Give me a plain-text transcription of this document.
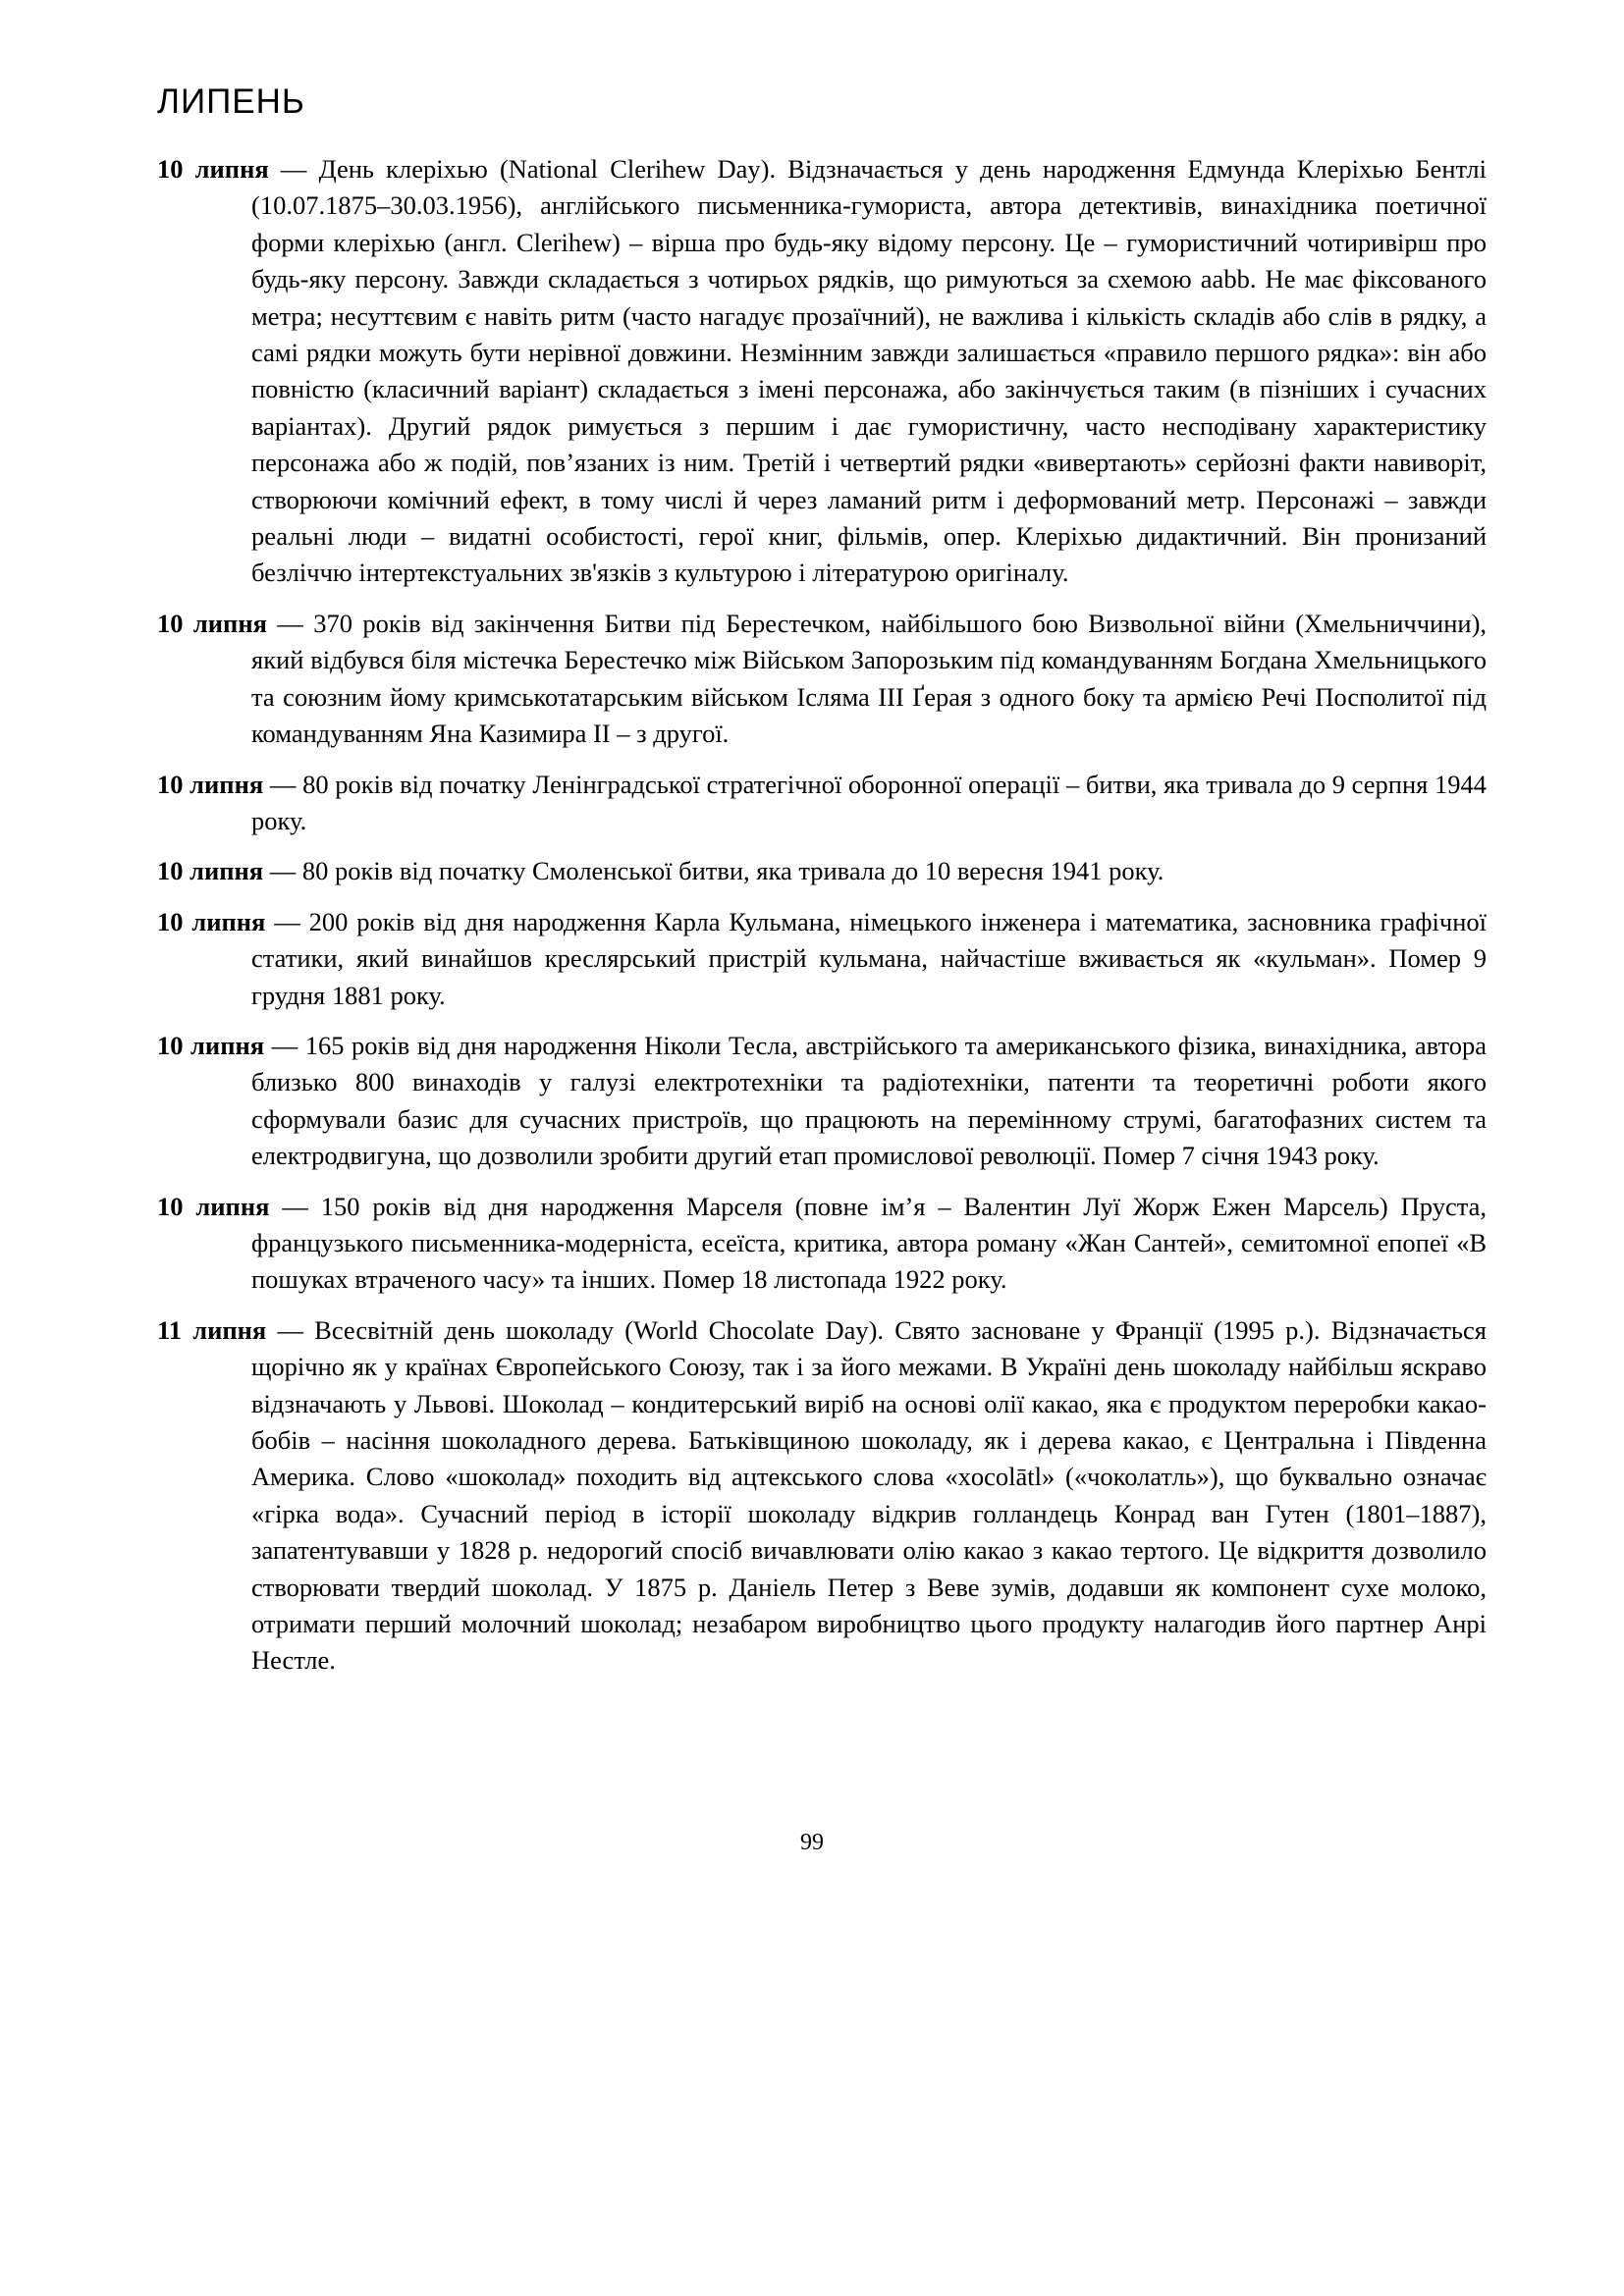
ЛИПЕНЬ

10 липня — День клеріхью (National Clerihew Day). Відзначається у день народження Едмунда Клеріхью Бентлі (10.07.1875–30.03.1956), англійського письменника-гумориста, автора детективів, винахідника поетичної форми клеріхью (англ. Clerihew) – вірша про будь-яку відому персону. Це – гумористичний чотиривірш про будь-яку персону. Завжди складається з чотирьох рядків, що римуються за схемою aabb. Не має фіксованого метра; несуттєвим є навіть ритм (часто нагадує прозаїчний), не важлива і кількість складів або слів в рядку, а самі рядки можуть бути нерівної довжини. Незмінним завжди залишається «правило першого рядка»: він або повністю (класичний варіант) складається з імені персонажа, або закінчується таким (в пізніших і сучасних варіантах). Другий рядок римується з першим і дає гумористичну, часто несподівану характеристику персонажа або ж подій, пов’язаних із ним. Третій і четвертий рядки «вивертають» серйозні факти навиворіт, створюючи комічний ефект, в тому числі й через ламаний ритм і деформований метр. Персонажі – завжди реальні люди – видатні особистості, герої книг, фільмів, опер. Клеріхью дидактичний. Він пронизаний безліччю інтертекстуальних зв'язків з культурою і літературою оригіналу.

10 липня — 370 років від закінчення Битви під Берестечком, найбільшого бою Визвольної війни (Хмельниччини), який відбувся біля містечка Берестечко між Військом Запорозьким під командуванням Богдана Хмельницького та союзним йому кримськотатарським військом Ісляма III Ґерая з одного боку та армією Речі Посполитої під командуванням Яна Казимира II – з другої.

10 липня — 80 років від початку Ленінградської стратегічної оборонної операції – битви, яка тривала до 9 серпня 1944 року.

10 липня — 80 років від початку Смоленської битви, яка тривала до 10 вересня 1941 року.

10 липня — 200 років від дня народження Карла Кульмана, німецького інженера і математика, засновника графічної статики, який винайшов креслярський пристрій кульмана, найчастіше вживається як «кульман». Помер 9 грудня 1881 року.

10 липня — 165 років від дня народження Ніколи Тесла, австрійського та американського фізика, винахідника, автора близько 800 винаходів у галузі електротехніки та радіотехніки, патенти та теоретичні роботи якого сформували базис для сучасних пристроїв, що працюють на перемінному струмі, багатофазних систем та електродвигуна, що дозволили зробити другий етап промислової революції. Помер 7 січня 1943 року.

10 липня — 150 років від дня народження Марселя (повне ім’я – Валентин Луї Жорж Ежен Марсель) Пруста, французького письменника-модерніста, есеїста, критика, автора роману «Жан Сантей», семитомної епопеї «В пошуках втраченого часу» та інших. Помер 18 листопада 1922 року.

11 липня — Всесвітній день шоколаду (World Chocolate Day). Свято засноване у Франції (1995 р.). Відзначається щорічно як у країнах Європейського Союзу, так і за його межами. В Україні день шоколаду найбільш яскраво відзначають у Львові. Шоколад – кондитерський виріб на основі олії какао, яка є продуктом переробки какао-бобів – насіння шоколадного дерева. Батьківщиною шоколаду, як і дерева какао, є Центральна і Південна Америка. Слово «шоколад» походить від ацтекського слова «xocolātl» («чоколатль»), що буквально означає «гірка вода». Сучасний період в історії шоколаду відкрив голландець Конрад ван Гутен (1801–1887), запатентувавши у 1828 р. недорогий спосіб вичавлювати олію какао з какао тертого. Це відкриття дозволило створювати твердий шоколад. У 1875 р. Даніель Петер з Веве зумів, додавши як компонент сухе молоко, отримати перший молочний шоколад; незабаром виробництво цього продукту налагодив його партнер Анрі Нестле.

99
